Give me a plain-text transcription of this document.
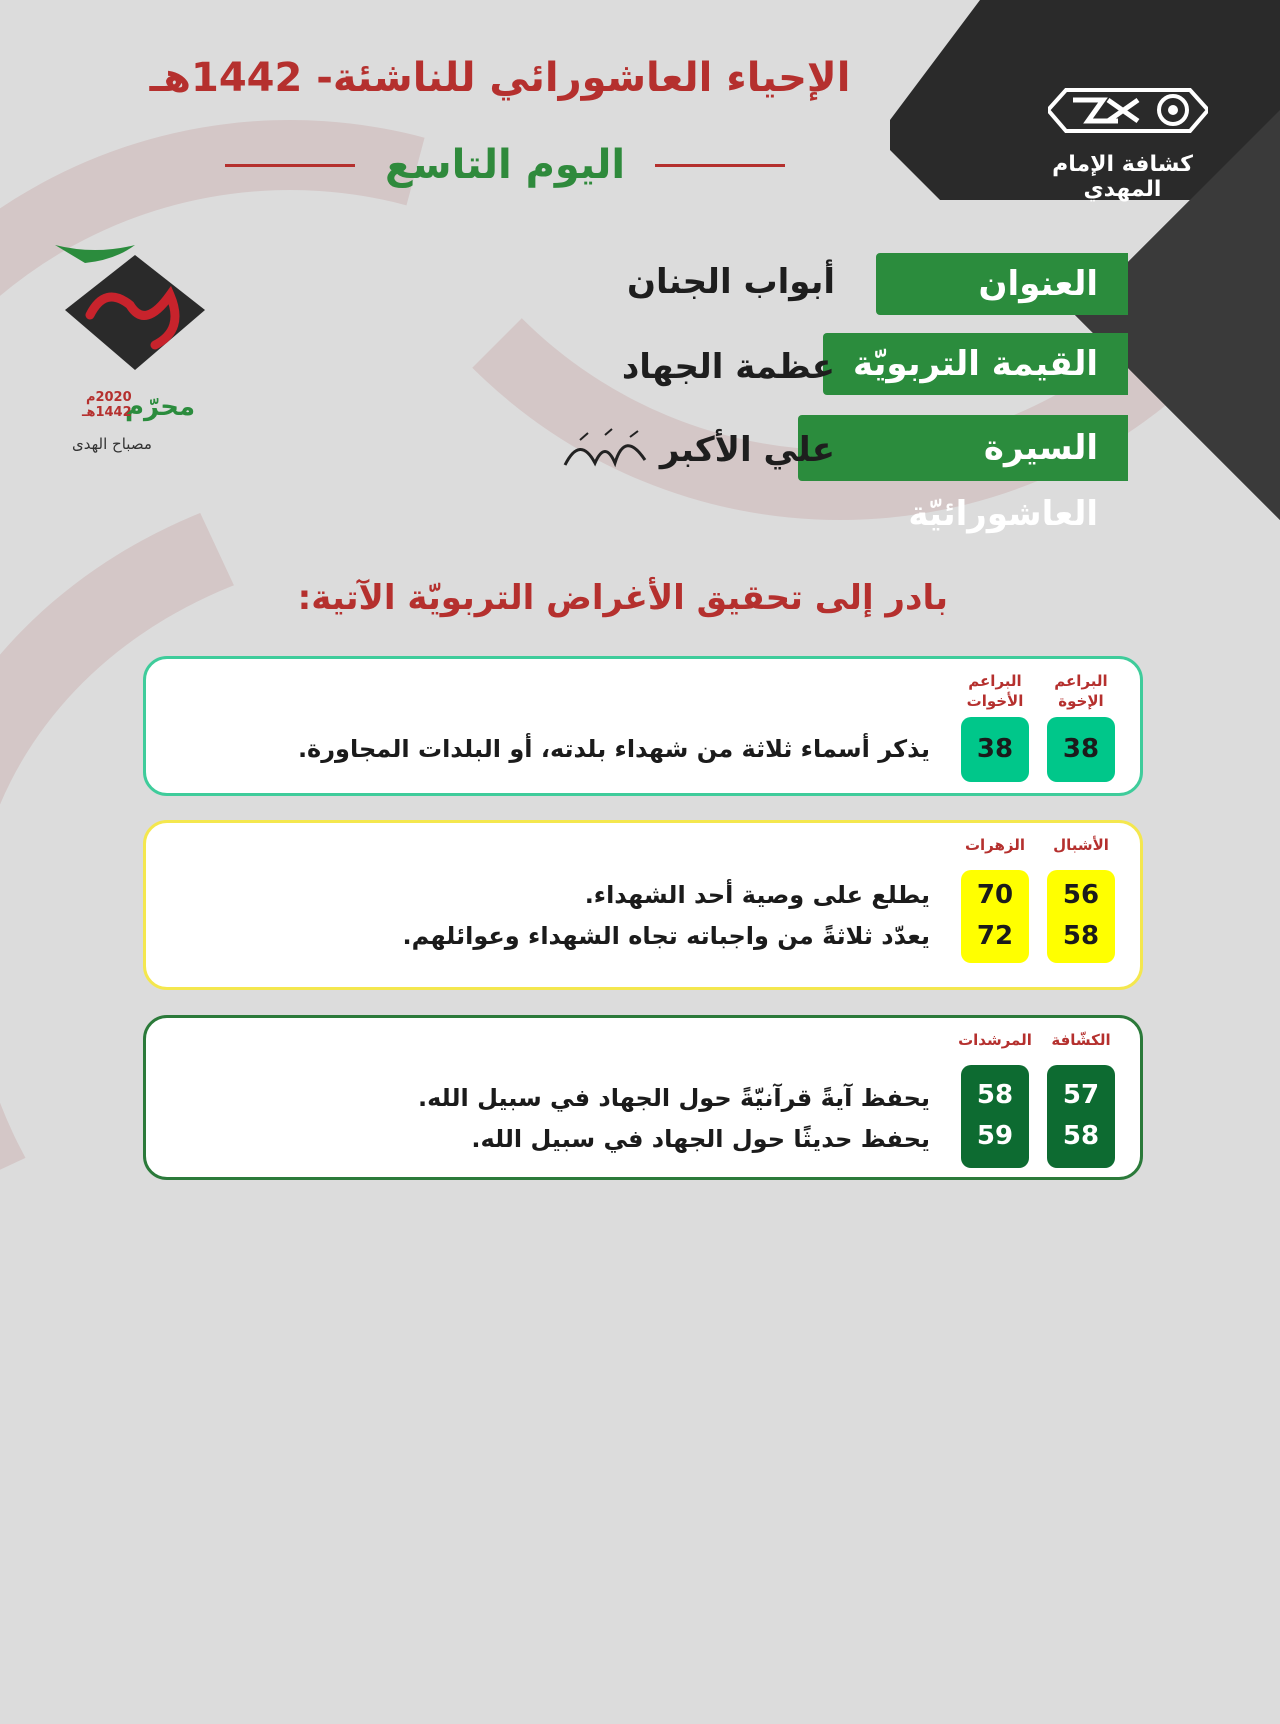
كشافة الإمام المهدي
الإحياء العاشورائي للناشئة- 1442هـ
اليوم التاسع
محرّم
2020م
1442هـ
مصباح الهدى
العنوان
أبواب الجنان
القيمة التربويّة
عظمة الجهاد
السيرة العاشورائيّة
علي الأكبر
بادر إلى تحقيق الأغراض التربويّة الآتية:
البراعم الإخوة
البراعم الأخوات
38
38
يذكر أسماء ثلاثة من شهداء بلدته، أو البلدات المجاورة.
الأشبال
الزهرات
56
58
70
72
يطلع على وصية أحد الشهداء.
يعدّد ثلاثةً من واجباته تجاه الشهداء وعوائلهم.
الكشّافة
المرشدات
57
58
58
59
يحفظ آيةً قرآنيّةً حول الجهاد في سبيل الله.
يحفظ حديثًا حول الجهاد في سبيل الله.
